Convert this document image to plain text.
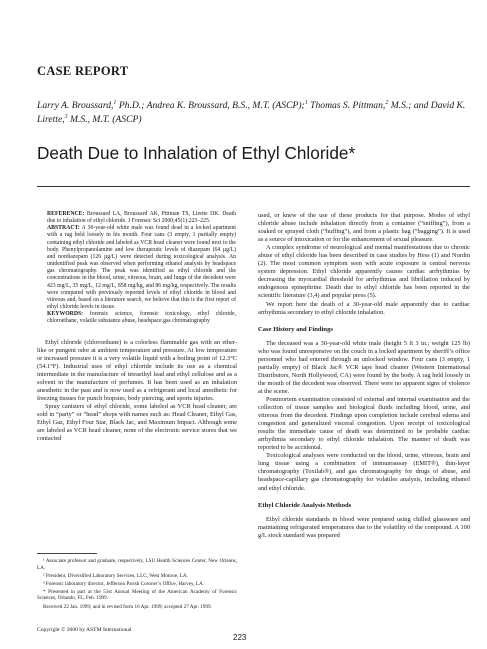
CASE REPORT
Larry A. Broussard,$^1$ Ph.D.; Andrea K. Broussard, B.S., M.T. (ASCP);$^1$ Thomas S. Pittman,$^2$ M.S.; and David K. Lirette,$^3$ M.S., M.T. (ASCP)
Death Due to Inhalation of Ethyl Chloride*

REFERENCE: Broussard LA, Broussard AK, Pittman TS, Lirette DK. Death due to inhalation of ethyl chloride. J Forensic Sci 2000;45(1):223–225.

ABSTRACT: A 30-year-old white male was found dead in a locked apartment with a rag held loosely in his mouth. Four cans (3 empty, 1 partially empty) containing ethyl chloride and labeled as VCR head cleaner were found next to the body. Phenylpropanolamine and low therapeutic levels of diazepam (64 µg/L) and nordiazepam (126 µg/L) were detected during toxicological analysis. An unidentified peak was observed when performing ethanol analysis by headspace gas chromatography. The peak was identified as ethyl chloride and the concentrations in the blood, urine, vitreous, brain, and lungs of the decedent were 423 mg/L, 35 mg/L, 12 mg/L, 858 mg/kg, and 86 mg/kg, respectively. The results were compared with previously reported levels of ethyl chloride in blood and vitreous and, based on a literature search, we believe that this is the first report of ethyl chloride levels in tissue.

KEYWORDS: forensic science, forensic toxicology, ethyl chloride, chloroethane, volatile substance abuse, headspace gas chromatography

Ethyl chloride (chloroethane) is a colorless flammable gas with an ether-like or pungent odor at ambient temperature and pressure. At low temperature or increased pressure it is a very volatile liquid with a boiling point of 12.3°C (54.1°F). Industrial uses of ethyl chloride include its use as a chemical intermediate in the manufacture of tetraethyl lead and ethyl cellulose and as a solvent in the manufacture of perfumes. It has been used as an inhalation anesthetic in the past and is now used as a refrigerant and local anesthetic for freezing tissues for punch biopsies, body piercing, and sports injuries.

Spray canisters of ethyl chloride, some labeled as VCR head cleaner, are sold in “party” or “head” shops with names such as: Head Cleaner, Ethyl Gas, Ethyl Gaz, Ethyl Four Star, Black Jac, and Maximum Impact. Although some are labeled as VCR head cleaner, none of the electronic service stores that we contacted

¹ Associate professor and graduate, respectively, LSU Health Sciences Center, New Orleans, LA.

² President, Diversified Laboratory Services, LLC, West Monroe, LA.

³ Forensic laboratory director, Jefferson Parish Coroner’s Office, Harvey, LA.

* Presented in part at the 51st Annual Meeting of the American Academy of Forensic Sciences, Orlando, FL, Feb. 1999.

Received 22 Jan. 1999; and in revised form 16 Apr. 1999; accepted 27 Apr. 1999.

used, or knew of the use of these products for that purpose. Modes of ethyl chloride abuse include inhalation directly from a container (“sniffing”), from a soaked or sprayed cloth (“huffing”), and from a plastic bag (“bagging”). It is used as a source of intoxication or for the enhancement of sexual pleasure.

A complex syndrome of neurological and mental manifestations due to chronic abuse of ethyl chloride has been described in case studies by Hess (1) and Nordin (2). The most common symptom seen with acute exposure is central nervous system depression. Ethyl chloride apparently causes cardiac arrhythmias by decreasing the myocardial threshold for arrhythmias and fibrillation induced by endogenous epinephrine. Death due to ethyl chloride has been reported in the scientific literature (3,4) and popular press (5).

We report here the death of a 30-year-old male apparently due to cardiac arrhythmia secondary to ethyl chloride inhalation.

Case History and Findings

The deceased was a 30-year-old white male (height 5 ft 3 in.; weight 125 lb) who was found unresponsive on the couch in a locked apartment by sheriff’s office personnel who had entered through an unlocked window. Four cans (3 empty, 1 partially empty) of Black Jac® VCR tape head cleaner (Western International Distributors, North Hollywood, CA) were found by the body. A rag held loosely in the mouth of the decedent was observed. There were no apparent signs of violence at the scene.

Postmortem examination consisted of external and internal examination and the collection of tissue samples and biological fluids including blood, urine, and vitreous from the decedent. Findings upon completion include cerebral edema and congestion and generalized visceral congestion. Upon receipt of toxicological results the immediate cause of death was determined to be probable cardiac arrhythmia secondary to ethyl chloride inhalation. The manner of death was reported to be accidental.

Toxicological analyses were conducted on the blood, urine, vitreous, brain and lung tissue using a combination of immunoassay (EMIT®), thin-layer chromatography (Toxilab®), and gas chromatography for drugs of abuse, and headspace-capillary gas chromatography for volatiles analysis, including ethanol and ethyl chloride.

Ethyl Chloride Analysis Methods

Ethyl chloride standards in blood were prepared using chilled glassware and maintaining refrigerated temperatures due to the volatility of the compound. A 100 g/L stock standard was prepared

Copyright © 2000 by ASTM International
223
